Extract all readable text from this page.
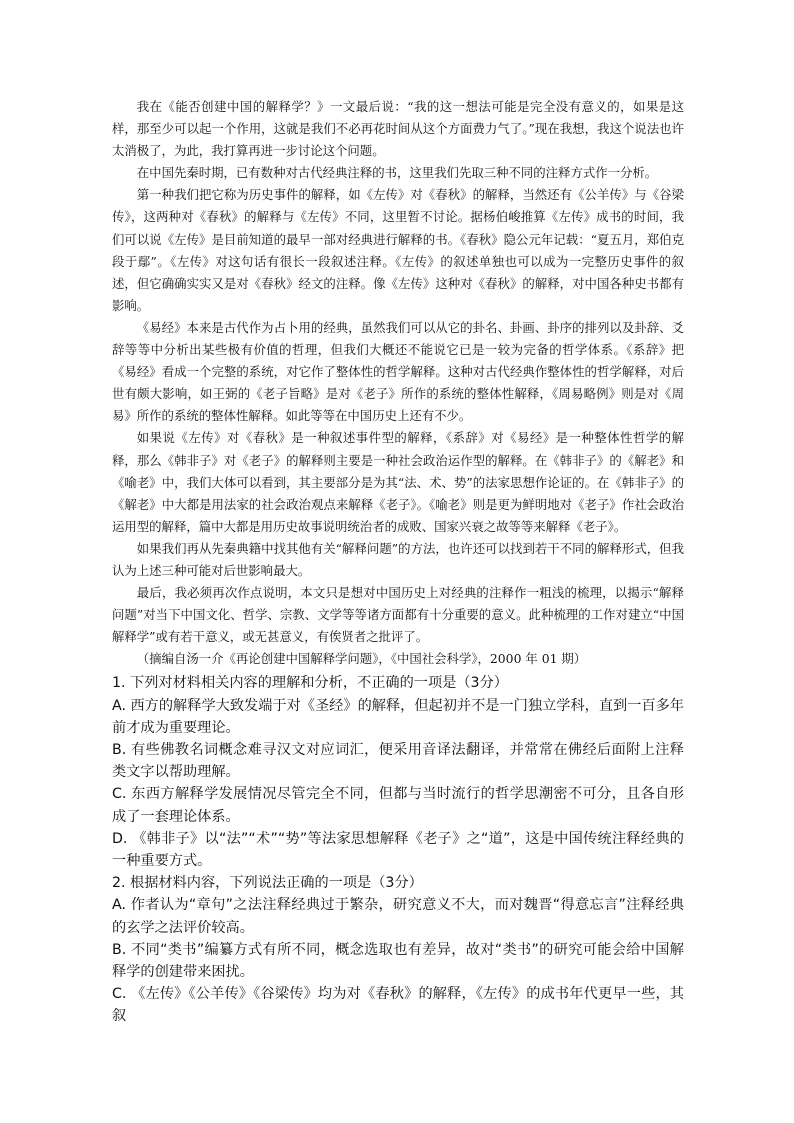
我在《能否创建中国的解释学？》一文最后说：“我的这一想法可能是完全没有意义的，如果是这样，那至少可以起一个作用，这就是我们不必再花时间从这个方面费力气了。”现在我想，我这个说法也许太消极了，为此，我打算再进一步讨论这个问题。

在中国先秦时期，已有数种对古代经典注释的书，这里我们先取三种不同的注释方式作一分析。

第一种我们把它称为历史事件的解释，如《左传》对《春秋》的解释，当然还有《公羊传》与《谷梁传》，这两种对《春秋》的解释与《左传》不同，这里暂不讨论。据杨伯峻推算《左传》成书的时间，我们可以说《左传》是目前知道的最早一部对经典进行解释的书。《春秋》隐公元年记载：“夏五月，郑伯克段于鄢”。《左传》对这句话有很长一段叙述注释。《左传》的叙述单独也可以成为一完整历史事件的叙述，但它确确实实又是对《春秋》经文的注释。像《左传》这种对《春秋》的解释，对中国各种史书都有影响。

《易经》本来是古代作为占卜用的经典，虽然我们可以从它的卦名、卦画、卦序的排列以及卦辞、爻辞等等中分析出某些极有价值的哲理，但我们大概还不能说它已是一较为完备的哲学体系。《系辞》把《易经》看成一个完整的系统，对它作了整体性的哲学解释。这种对古代经典作整体性的哲学解释，对后世有颇大影响，如王弼的《老子旨略》是对《老子》所作的系统的整体性解释，《周易略例》则是对《周易》所作的系统的整体性解释。如此等等在中国历史上还有不少。

如果说《左传》对《春秋》是一种叙述事件型的解释，《系辞》对《易经》是一种整体性哲学的解释，那么《韩非子》对《老子》的解释则主要是一种社会政治运作型的解释。在《韩非子》的《解老》和《喻老》中，我们大体可以看到，其主要部分是为其“法、术、势”的法家思想作论证的。在《韩非子》的《解老》中大都是用法家的社会政治观点来解释《老子》。《喻老》则是更为鲜明地对《老子》作社会政治运用型的解释，篇中大都是用历史故事说明统治者的成败、国家兴衰之故等等来解释《老子》。

如果我们再从先秦典籍中找其他有关“解释问题”的方法，也许还可以找到若干不同的解释形式，但我认为上述三种可能对后世影响最大。

最后，我必须再次作点说明，本文只是想对中国历史上对经典的注释作一粗浅的梳理，以揭示“解释问题”对当下中国文化、哲学、宗教、文学等等诸方面都有十分重要的意义。此种梳理的工作对建立“中国解释学”或有若干意义，或无甚意义，有俟贤者之批评了。

（摘编自汤一介《再论创建中国解释学问题》，《中国社会科学》，2000 年 01 期）

1. 下列对材料相关内容的理解和分析，不正确的一项是（3分）

A. 西方的解释学大致发端于对《圣经》的解释，但起初并不是一门独立学科，直到一百多年前才成为重要理论。

B. 有些佛教名词概念难寻汉文对应词汇，便采用音译法翻译，并常常在佛经后面附上注释类文字以帮助理解。

C. 东西方解释学发展情况尽管完全不同，但都与当时流行的哲学思潮密不可分，且各自形成了一套理论体系。

D. 《韩非子》以“法”“术”“势”等法家思想解释《老子》之“道”，这是中国传统注释经典的一种重要方式。

2. 根据材料内容，下列说法正确的一项是（3分）

A. 作者认为“章句”之法注释经典过于繁杂，研究意义不大，而对魏晋“得意忘言”注释经典的玄学之法评价较高。

B. 不同“类书”编纂方式有所不同，概念选取也有差异，故对“类书”的研究可能会给中国解释学的创建带来困扰。

C. 《左传》《公羊传》《谷梁传》均为对《春秋》的解释，《左传》的成书年代更早一些，其叙
